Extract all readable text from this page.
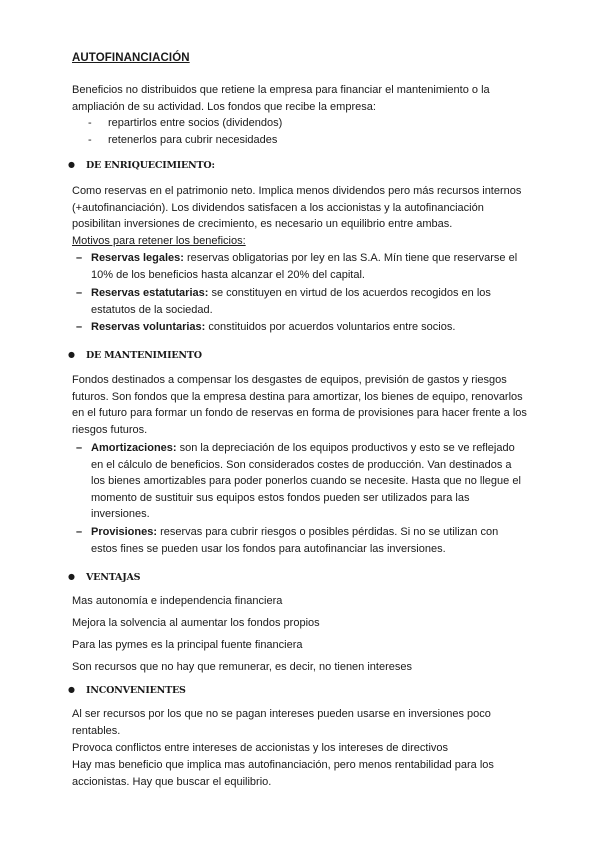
AUTOFINANCIACIÓN

Beneficios no distribuidos que retiene la empresa para financiar el mantenimiento o la ampliación de su actividad. Los fondos que recibe la empresa:

- repartirlos entre socios (dividendos)
- retenerlos para cubrir necesidades
● DE ENRIQUECIMIENTO:

Como reservas en el patrimonio neto. Implica menos dividendos pero más recursos internos (+autofinanciación). Los dividendos satisfacen a los accionistas y la autofinanciación posibilitan inversiones de crecimiento, es necesario un equilibrio entre ambas.

Motivos para retener los beneficios:
– Reservas legales: reservas obligatorias por ley en las S.A. Mín tiene que reservarse el 10% de los beneficios hasta alcanzar el 20% del capital.
– Reservas estatutarias: se constituyen en virtud de los acuerdos recogidos en los estatutos de la sociedad.
– Reservas voluntarias: constituidos por acuerdos voluntarios entre socios.
● DE MANTENIMIENTO

Fondos destinados a compensar los desgastes de equipos, previsión de gastos y riesgos futuros. Son fondos que la empresa destina para amortizar, los bienes de equipo, renovarlos en el futuro para formar un fondo de reservas en forma de provisiones para hacer frente a los riesgos futuros.

– Amortizaciones: son la depreciación de los equipos productivos y esto se ve reflejado en el cálculo de beneficios. Son considerados costes de producción. Van destinados a los bienes amortizables para poder ponerlos cuando se necesite. Hasta que no llegue el momento de sustituir sus equipos estos fondos pueden ser utilizados para las inversiones.
– Provisiones: reservas para cubrir riesgos o posibles pérdidas. Si no se utilizan con estos fines se pueden usar los fondos para autofinanciar las inversiones.
● VENTAJAS
Mas autonomía e independencia financiera
Mejora la solvencia al aumentar los fondos propios
Para las pymes es la principal fuente financiera
Son recursos que no hay que remunerar, es decir, no tienen intereses
● INCONVENIENTES
Al ser recursos por los que no se pagan intereses pueden usarse en inversiones poco rentables.
Provoca conflictos entre intereses de accionistas y los intereses de directivos
Hay mas beneficio que implica mas autofinanciación, pero menos rentabilidad para los accionistas. Hay que buscar el equilibrio.
